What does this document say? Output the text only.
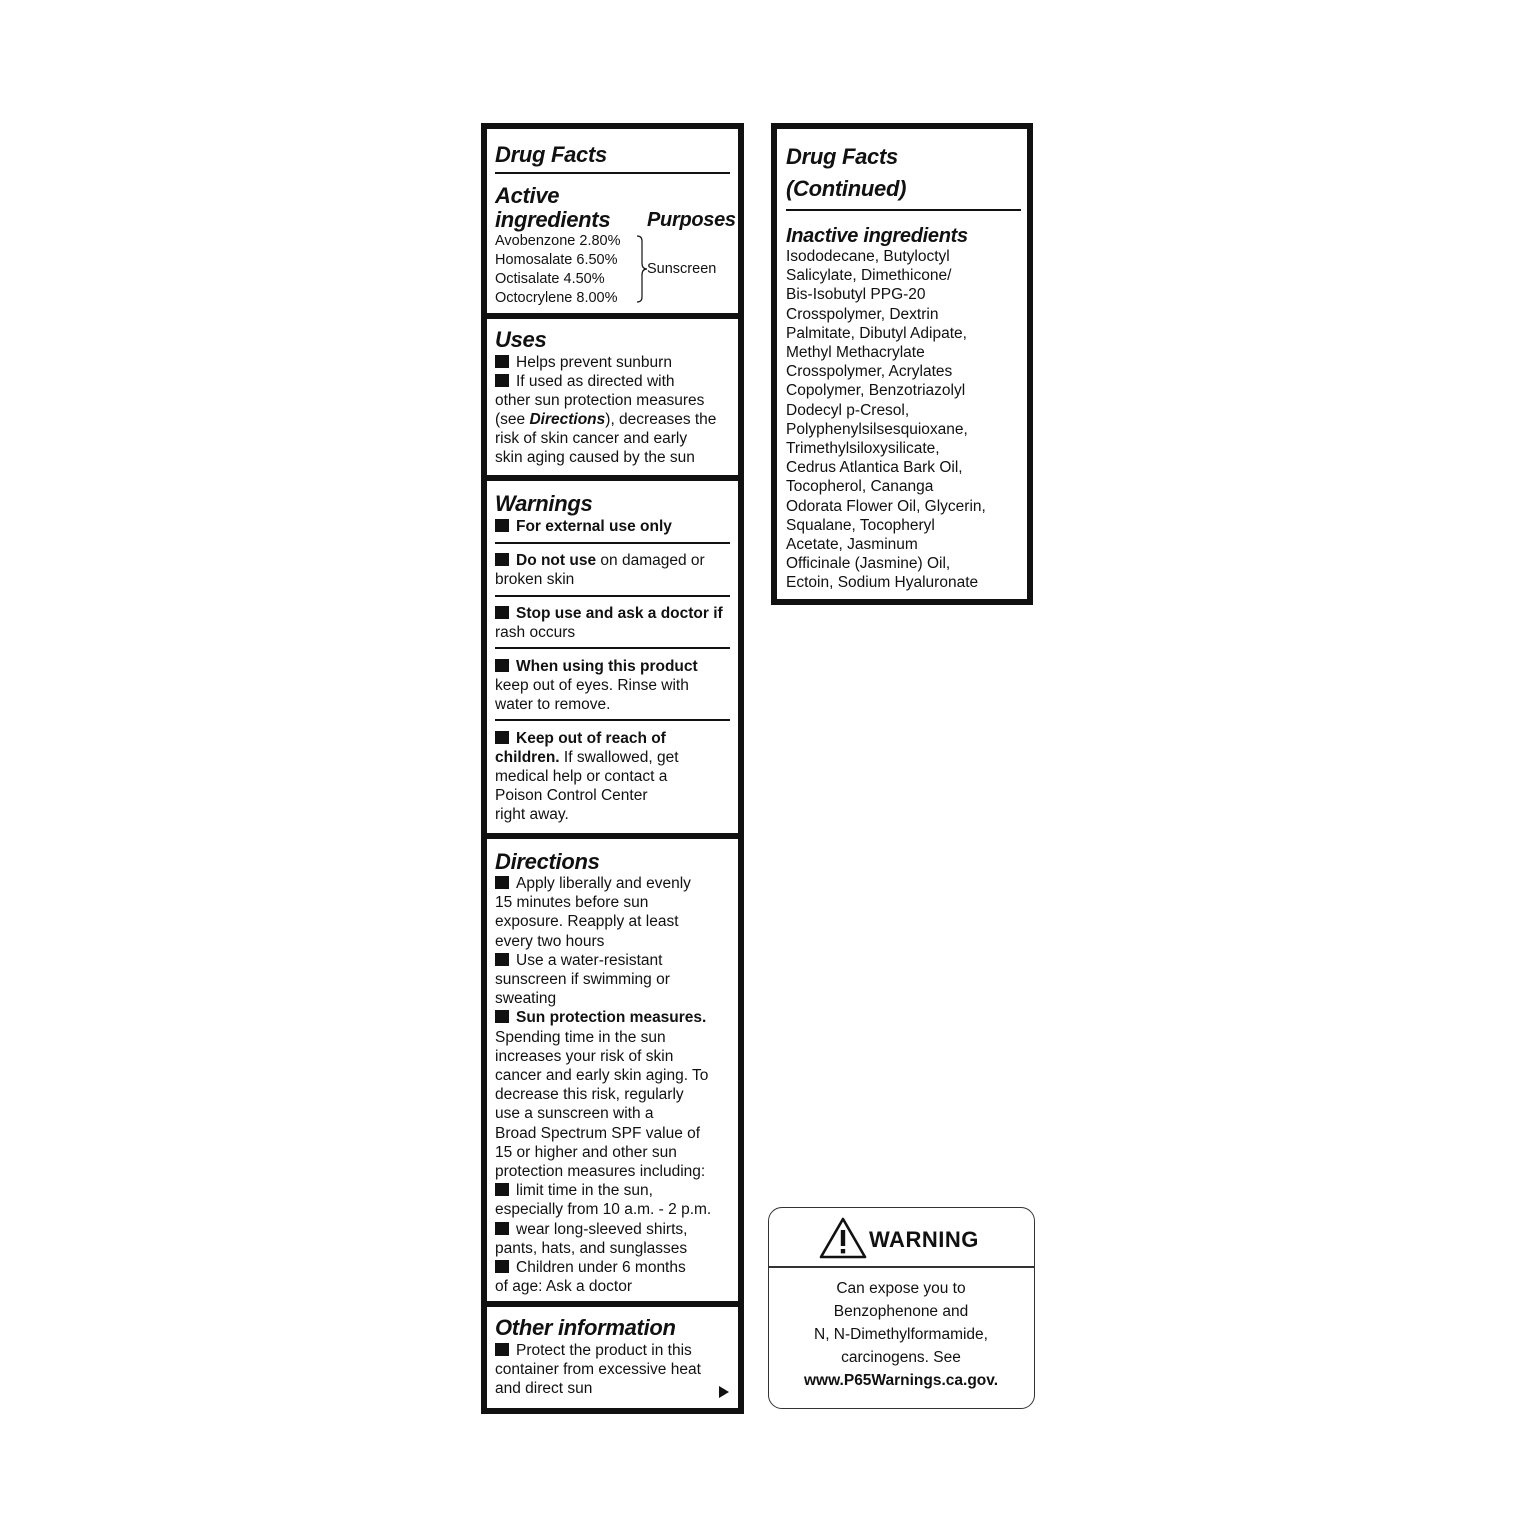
Drug Facts
Active
ingredients Purposes
Avobenzone 2.80%
Homosalate 6.50%
Octisalate 4.50%
Octocrylene 8.00%
Sunscreen
Uses
Helps prevent sunburn
If used as directed with
other sun protection measures
(see Directions), decreases the
risk of skin cancer and early
skin aging caused by the sun
Warnings
For external use only
Do not use on damaged or
broken skin
Stop use and ask a doctor if
rash occurs
When using this product
keep out of eyes. Rinse with
water to remove.
Keep out of reach of
children. If swallowed, get
medical help or contact a
Poison Control Center
right away.
Directions
Apply liberally and evenly
15 minutes before sun
exposure. Reapply at least
every two hours
Use a water-resistant
sunscreen if swimming or
sweating
Sun protection measures.
Spending time in the sun
increases your risk of skin
cancer and early skin aging. To
decrease this risk, regularly
use a sunscreen with a
Broad Spectrum SPF value of
15 or higher and other sun
protection measures including:
limit time in the sun,
especially from 10 a.m. - 2 p.m.
wear long-sleeved shirts,
pants, hats, and sunglasses
Children under 6 months
of age: Ask a doctor
Other information
Protect the product in this
container from excessive heat
and direct sun
Drug Facts
(Continued)
Inactive ingredients
Isododecane, Butyloctyl
Salicylate, Dimethicone/
Bis-Isobutyl PPG-20
Crosspolymer, Dextrin
Palmitate, Dibutyl Adipate,
Methyl Methacrylate
Crosspolymer, Acrylates
Copolymer, Benzotriazolyl
Dodecyl p-Cresol,
Polyphenylsilsesquioxane,
Trimethylsiloxysilicate,
Cedrus Atlantica Bark Oil,
Tocopherol, Cananga
Odorata Flower Oil, Glycerin,
Squalane, Tocopheryl
Acetate, Jasminum
Officinale (Jasmine) Oil,
Ectoin, Sodium Hyaluronate
WARNING
Can expose you to
Benzophenone and
N, N-Dimethylformamide,
carcinogens. See
www.P65Warnings.ca.gov.
